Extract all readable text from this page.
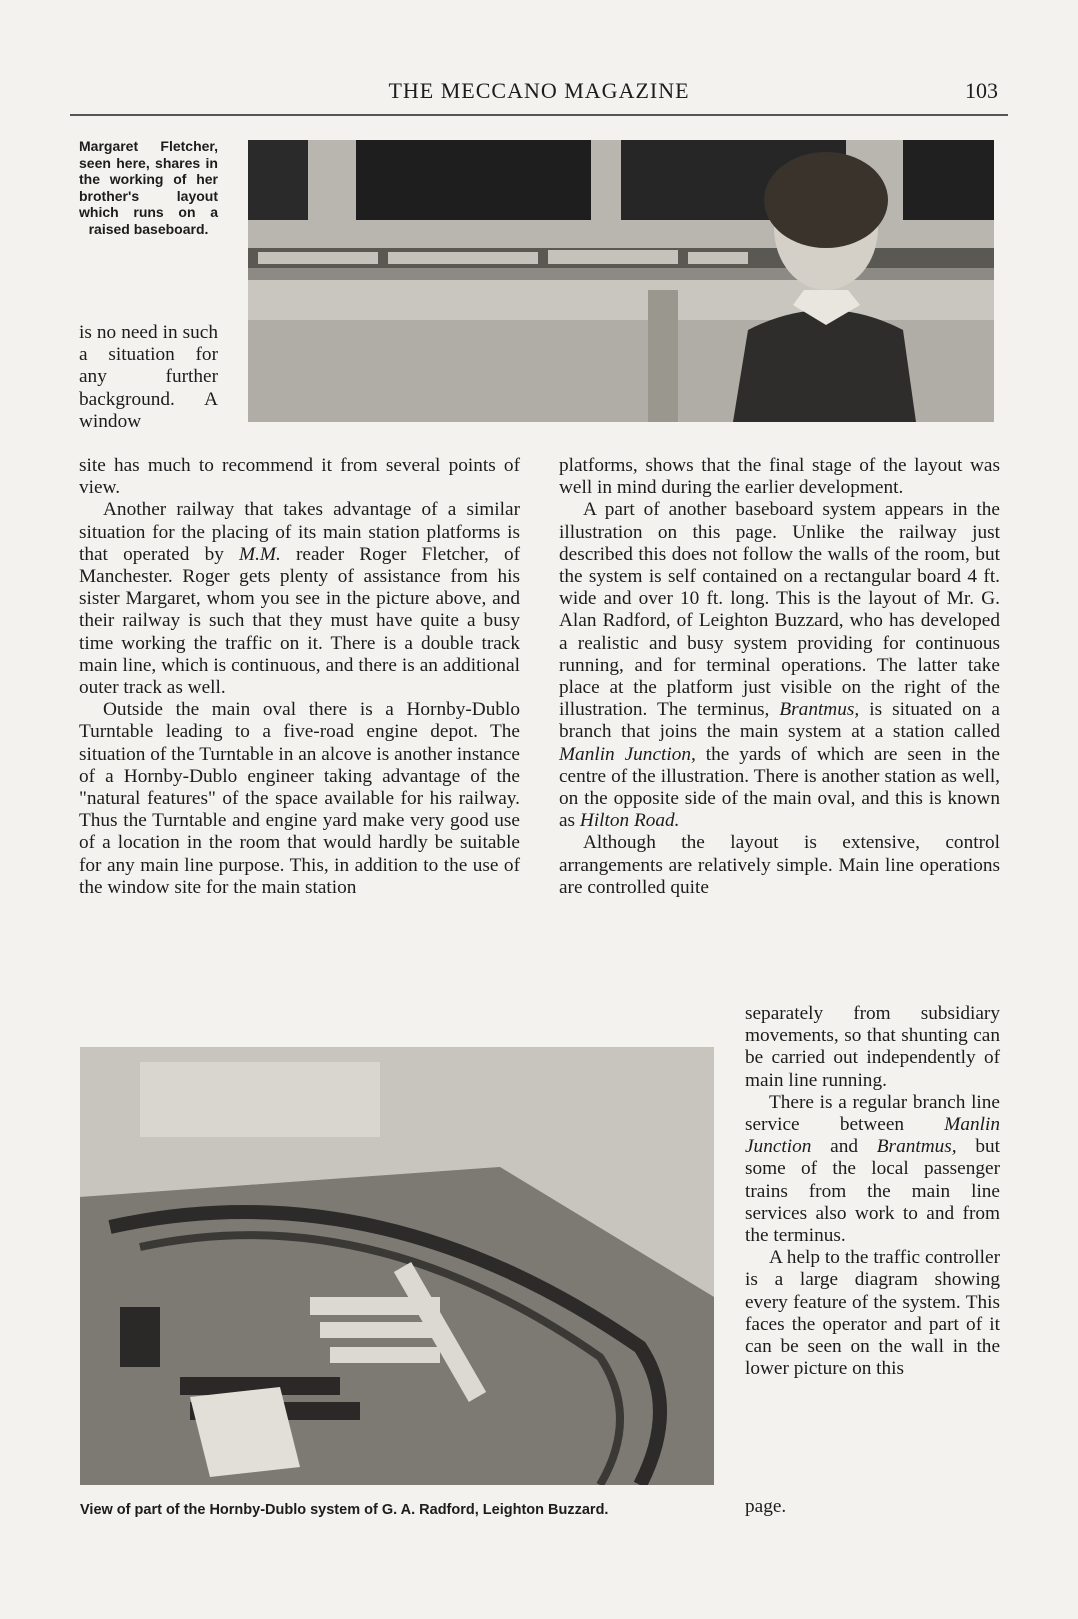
THE MECCANO MAGAZINE	103
Margaret Fletcher, seen here, shares in the working of her brother's layout which runs on a raised baseboard.

is no need in such a situation for any further background. A window

site has much to recommend it from several points of view.

Another railway that takes advantage of a similar situation for the placing of its main station platforms is that operated by M.M. reader Roger Fletcher, of Manchester. Roger gets plenty of assistance from his sister Margaret, whom you see in the picture above, and their railway is such that they must have quite a busy time working the traffic on it. There is a double track main line, which is continuous, and there is an additional outer track as well.

Outside the main oval there is a Hornby-Dublo Turntable leading to a five-road engine depot. The situation of the Turntable in an alcove is another instance of a Hornby-Dublo engineer taking advantage of the "natural features" of the space available for his railway. Thus the Turntable and engine yard make very good use of a location in the room that would hardly be suitable for any main line purpose. This, in addition to the use of the window site for the main station

platforms, shows that the final stage of the layout was well in mind during the earlier development.

A part of another baseboard system appears in the illustration on this page. Unlike the railway just described this does not follow the walls of the room, but the system is self contained on a rectangular board 4 ft. wide and over 10 ft. long. This is the layout of Mr. G. Alan Radford, of Leighton Buzzard, who has developed a realistic and busy system providing for continuous running, and for terminal operations. The latter take place at the platform just visible on the right of the illustration. The terminus, Brantmus, is situated on a branch that joins the main system at a station called Manlin Junction, the yards of which are seen in the centre of the illustration. There is another station as well, on the opposite side of the main oval, and this is known as Hilton Road.

Although the layout is extensive, control arrangements are relatively simple. Main line operations are controlled quite

separately from subsidiary movements, so that shunting can be carried out independently of main line running.

There is a regular branch line service between Manlin Junction and Brantmus, but some of the local passenger trains from the main line services also work to and from the terminus.

A help to the traffic controller is a large diagram showing every feature of the system. This faces the operator and part of it can be seen on the wall in the lower picture on this

page.
View of part of the Hornby-Dublo system of G. A. Radford, Leighton Buzzard.
